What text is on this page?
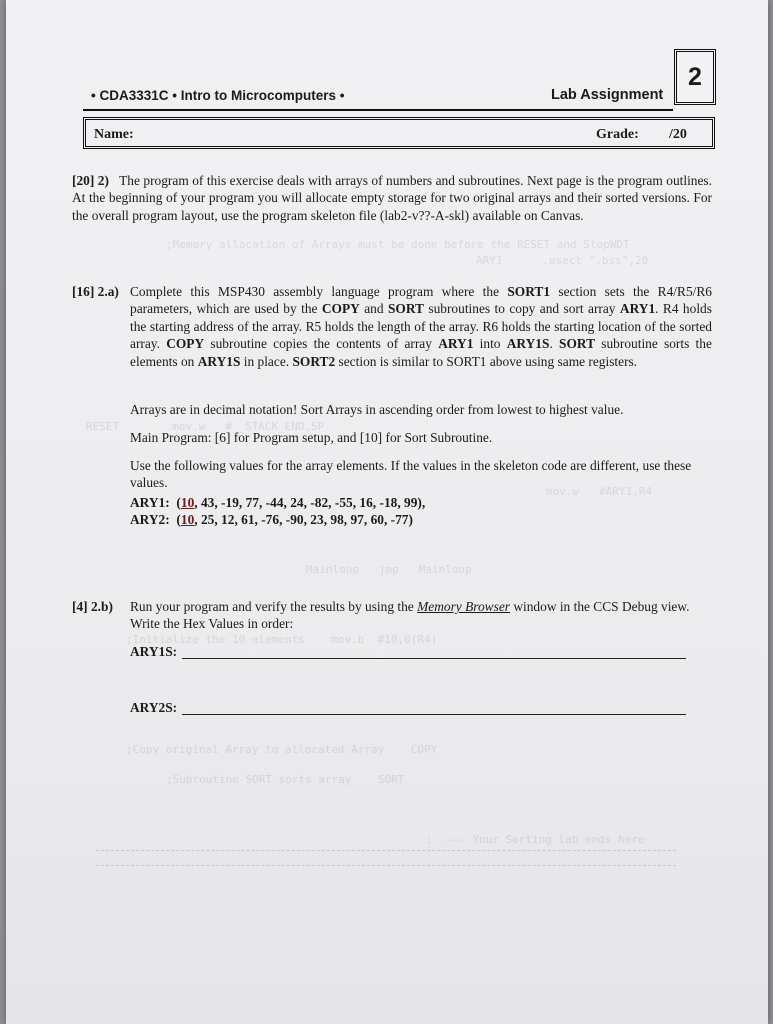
;Memory allocation of Arrays must be done before the RESET and StopWDT
ARY1      .usect ".bss",20
RESET        mov.w   #__STACK_END,SP
mov.w   #ARY1,R4
Mainloop   jmp   Mainloop
;Initialize the 10 elements    mov.b  #10,0(R4)
;Copy original Array to allocated Array    COPY
;Subroutine SORT sorts array    SORT
;----- Your Sorting lab ends here
• CDA3331C • Intro to Microcomputers •	Lab Assignment
2
Name:	Grade: /20
[20] 2) The program of this exercise deals with arrays of numbers and subroutines. Next page is the program outlines. At the beginning of your program you will allocate empty storage for two original arrays and their sorted versions. For the overall program layout, use the program skeleton file (lab2-v??-A-skl) available on Canvas.
[16] 2.a) Complete this MSP430 assembly language program where the SORT1 section sets the R4/R5/R6 parameters, which are used by the COPY and SORT subroutines to copy and sort array ARY1. R4 holds the starting address of the array. R5 holds the length of the array. R6 holds the starting location of the sorted array. COPY subroutine copies the contents of array ARY1 into ARY1S. SORT subroutine sorts the elements on ARY1S in place. SORT2 section is similar to SORT1 above using same registers.
Arrays are in decimal notation! Sort Arrays in ascending order from lowest to highest value.
Main Program: [6] for Program setup, and [10] for Sort Subroutine.
Use the following values for the array elements. If the values in the skeleton code are different, use these values.
ARY1: (10, 43, -19, 77, -44, 24, -82, -55, 16, -18, 99),
ARY2: (10, 25, 12, 61, -76, -90, 23, 98, 97, 60, -77)
[4] 2.b)	Run your program and verify the results by using the Memory Browser window in the CCS Debug view. Write the Hex Values in order:
ARY1S:
ARY2S:
